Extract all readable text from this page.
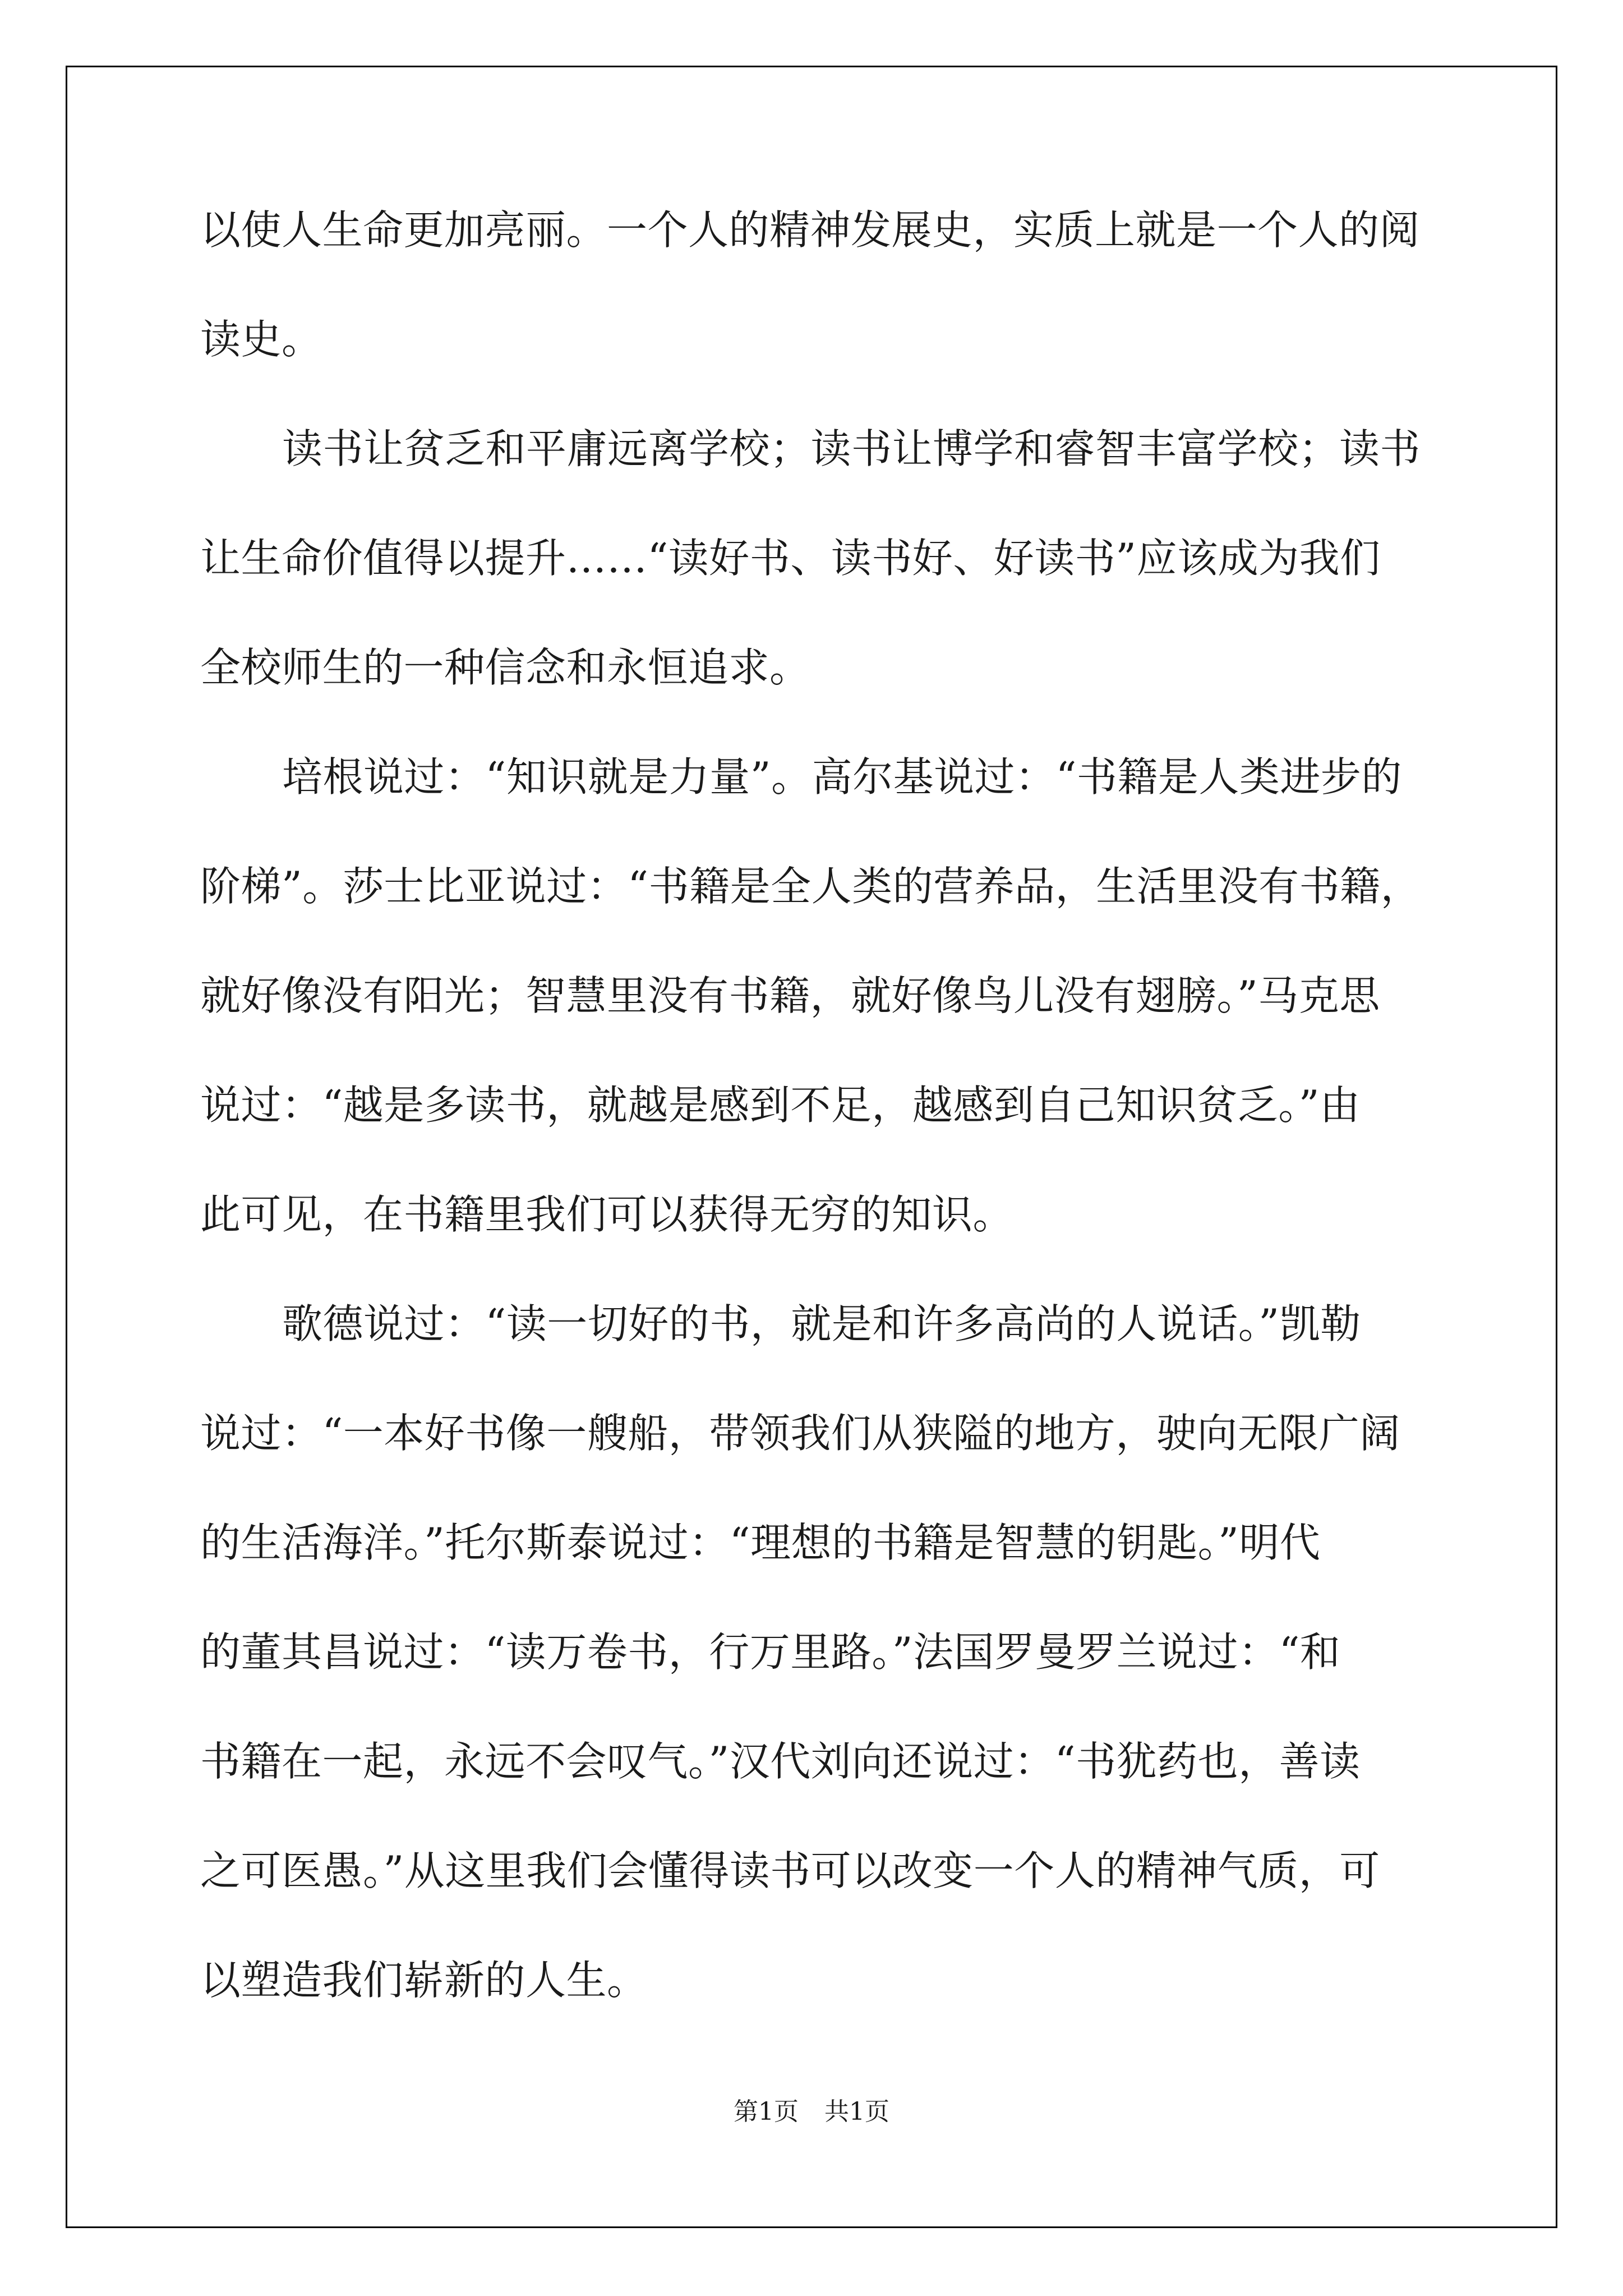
以使人生命更加亮丽。一个人的精神发展史，实质上就是一个人的阅
读史。
读书让贫乏和平庸远离学校；读书让博学和睿智丰富学校；读书
让生命价值得以提升……“读好书、读书好、好读书”应该成为我们
全校师生的一种信念和永恒追求。
培根说过：“知识就是力量”。高尔基说过：“书籍是人类进步的
阶梯”。莎士比亚说过：“书籍是全人类的营养品，生活里没有书籍，
就好像没有阳光；智慧里没有书籍，就好像鸟儿没有翅膀。”马克思
说过：“越是多读书，就越是感到不足，越感到自己知识贫乏。”由
此可见，在书籍里我们可以获得无穷的知识。
歌德说过：“读一切好的书，就是和许多高尚的人说话。”凯勒
说过：“一本好书像一艘船，带领我们从狭隘的地方，驶向无限广阔
的生活海洋。”托尔斯泰说过：“理想的书籍是智慧的钥匙。”明代
的董其昌说过：“读万卷书，行万里路。”法国罗曼罗兰说过：“和
书籍在一起，永远不会叹气。”汉代刘向还说过：“书犹药也，善读
之可医愚。”从这里我们会懂得读书可以改变一个人的精神气质，可
以塑造我们崭新的人生。
第1页 共1页
